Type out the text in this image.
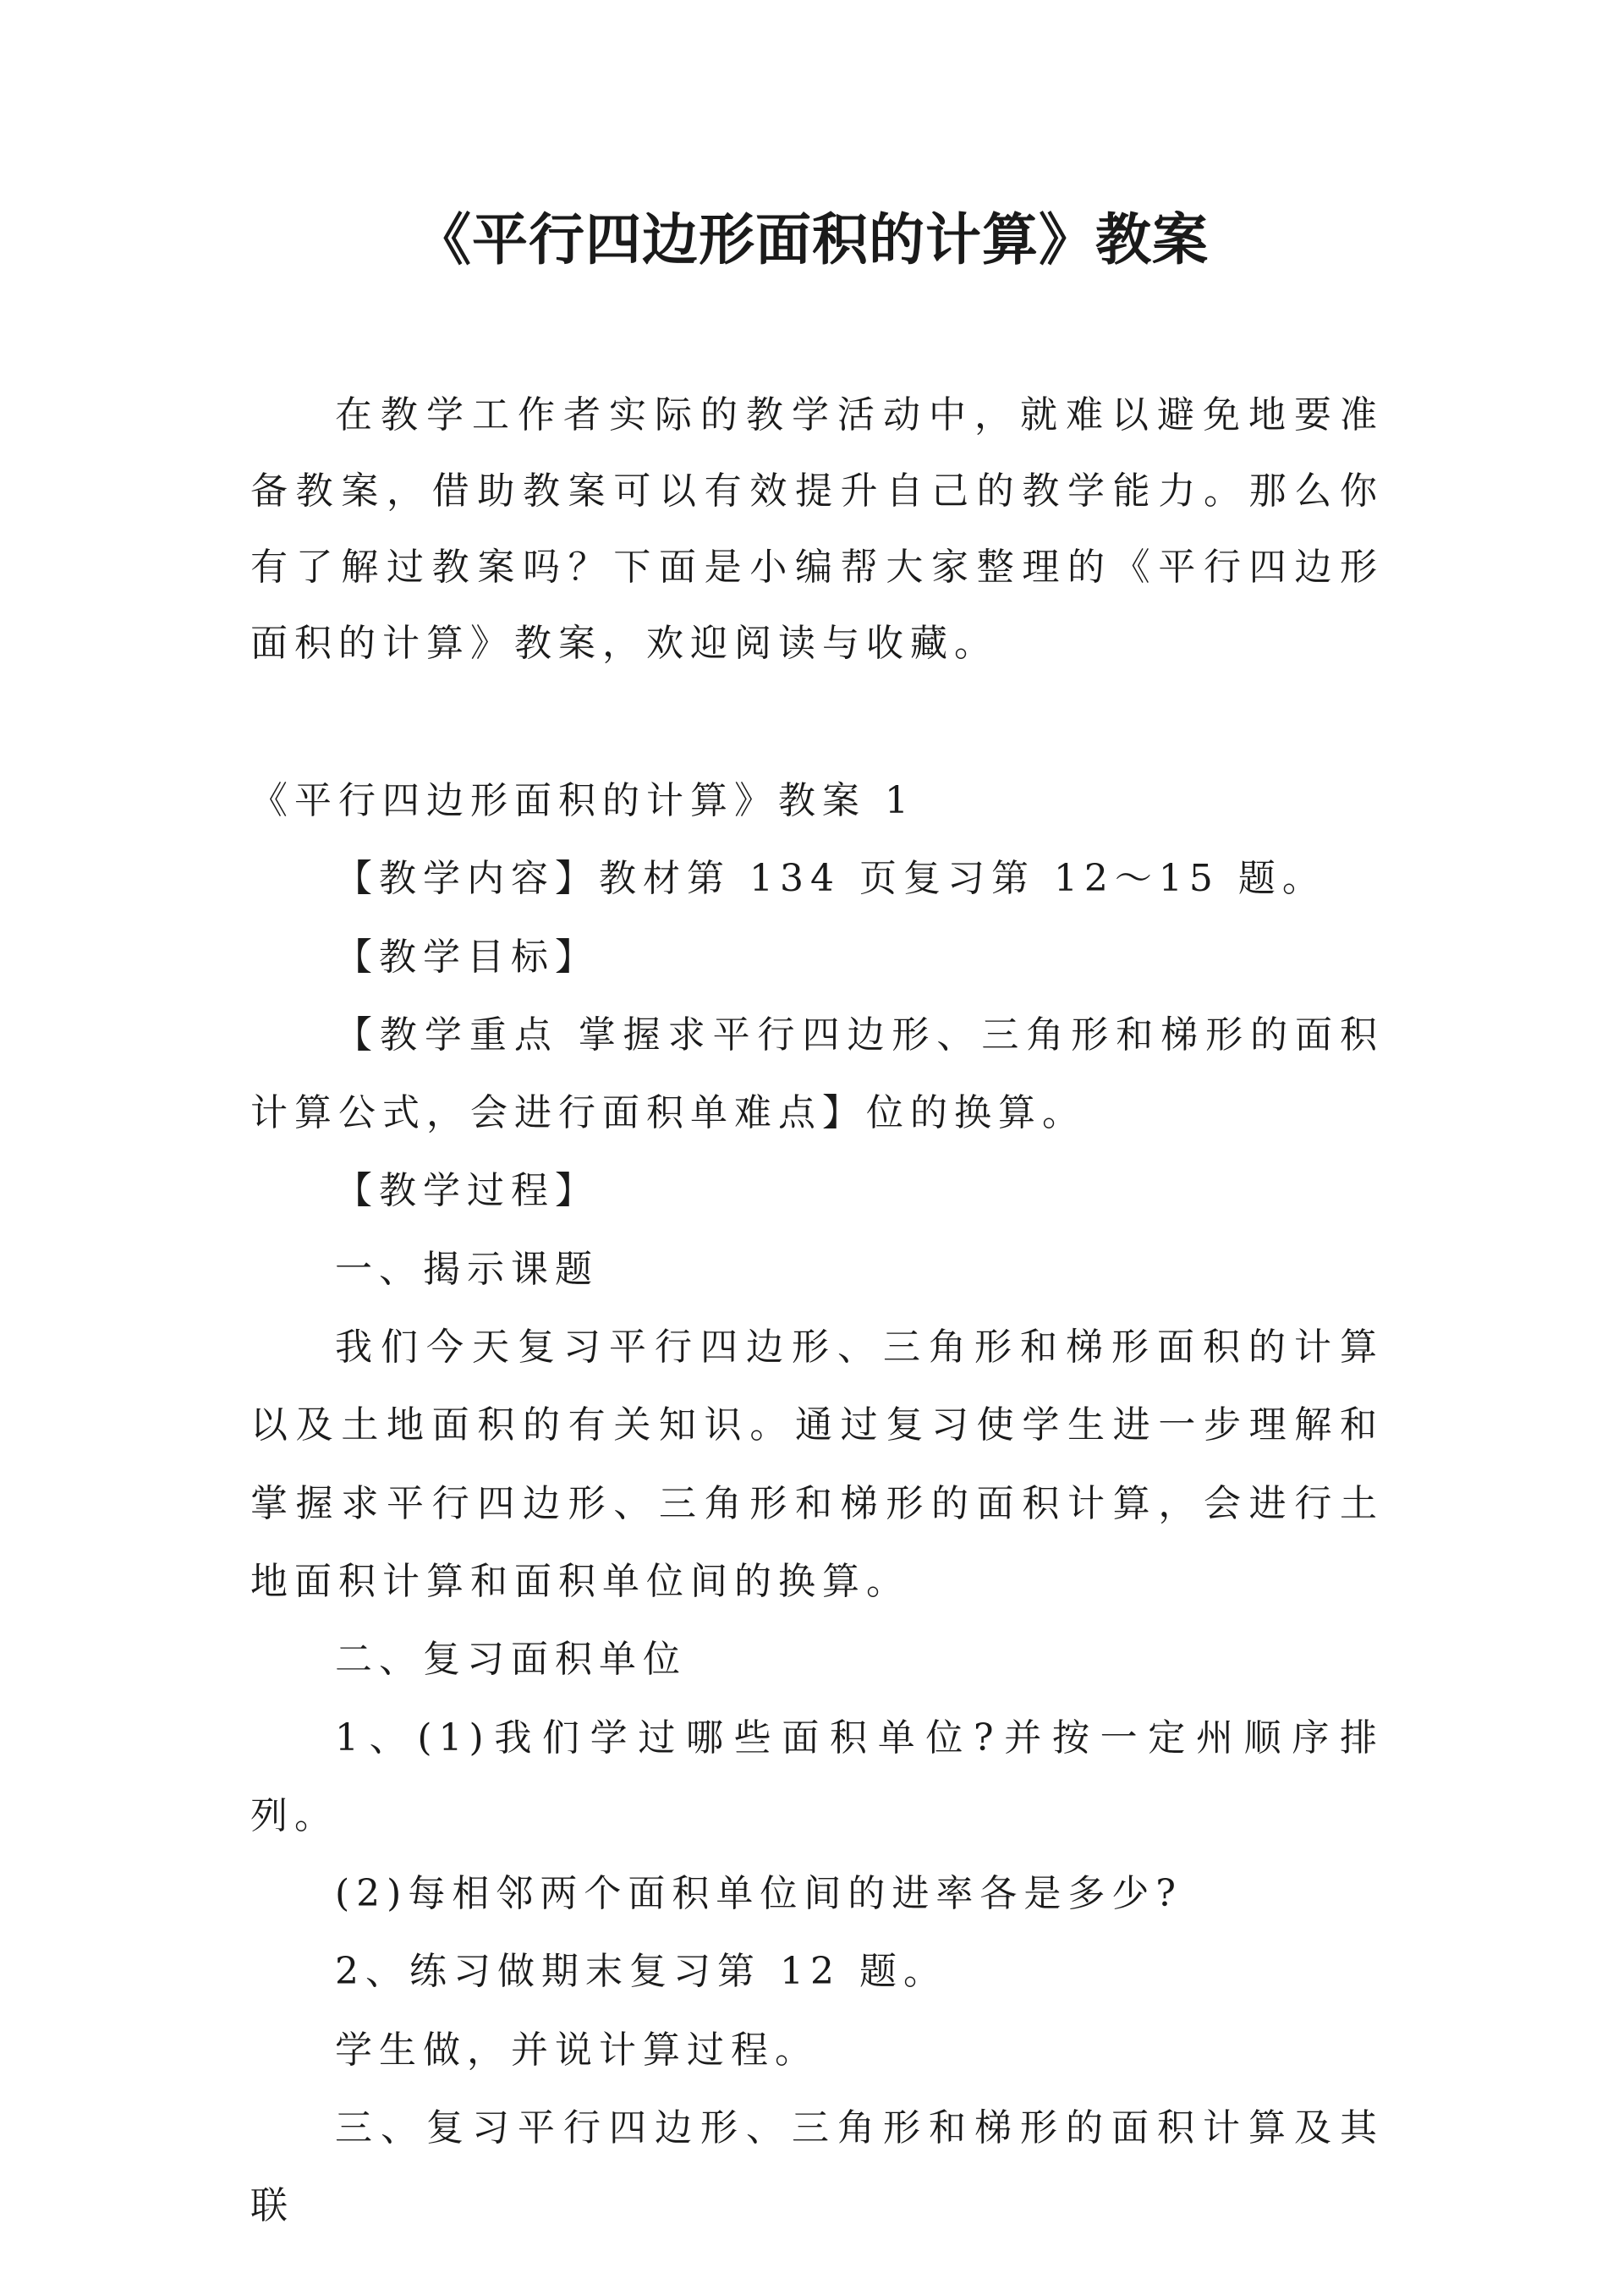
《平行四边形面积的计算》教案

在教学工作者实际的教学活动中，就难以避免地要准备教案，借助教案可以有效提升自己的教学能力。那么你有了解过教案吗？下面是小编帮大家整理的《平行四边形面积的计算》教案，欢迎阅读与收藏。

《平行四边形面积的计算》教案 1

【教学内容】教材第 134 页复习第 12～15 题。

【教学目标】

【教学重点 掌握求平行四边形、三角形和梯形的面积计算公式，会进行面积单难点】位的换算。

【教学过程】

一、揭示课题

我们今天复习平行四边形、三角形和梯形面积的计算以及土地面积的有关知识。通过复习使学生进一步理解和掌握求平行四边形、三角形和梯形的面积计算，会进行土地面积计算和面积单位间的换算。

二、复习面积单位

1、(1)我们学过哪些面积单位?并按一定州顺序排列。

(2)每相邻两个面积单位间的进率各是多少?

2、练习做期末复习第 12 题。

学生做，并说计算过程。

三、复习平行四边形、三角形和梯形的面积计算及其联
